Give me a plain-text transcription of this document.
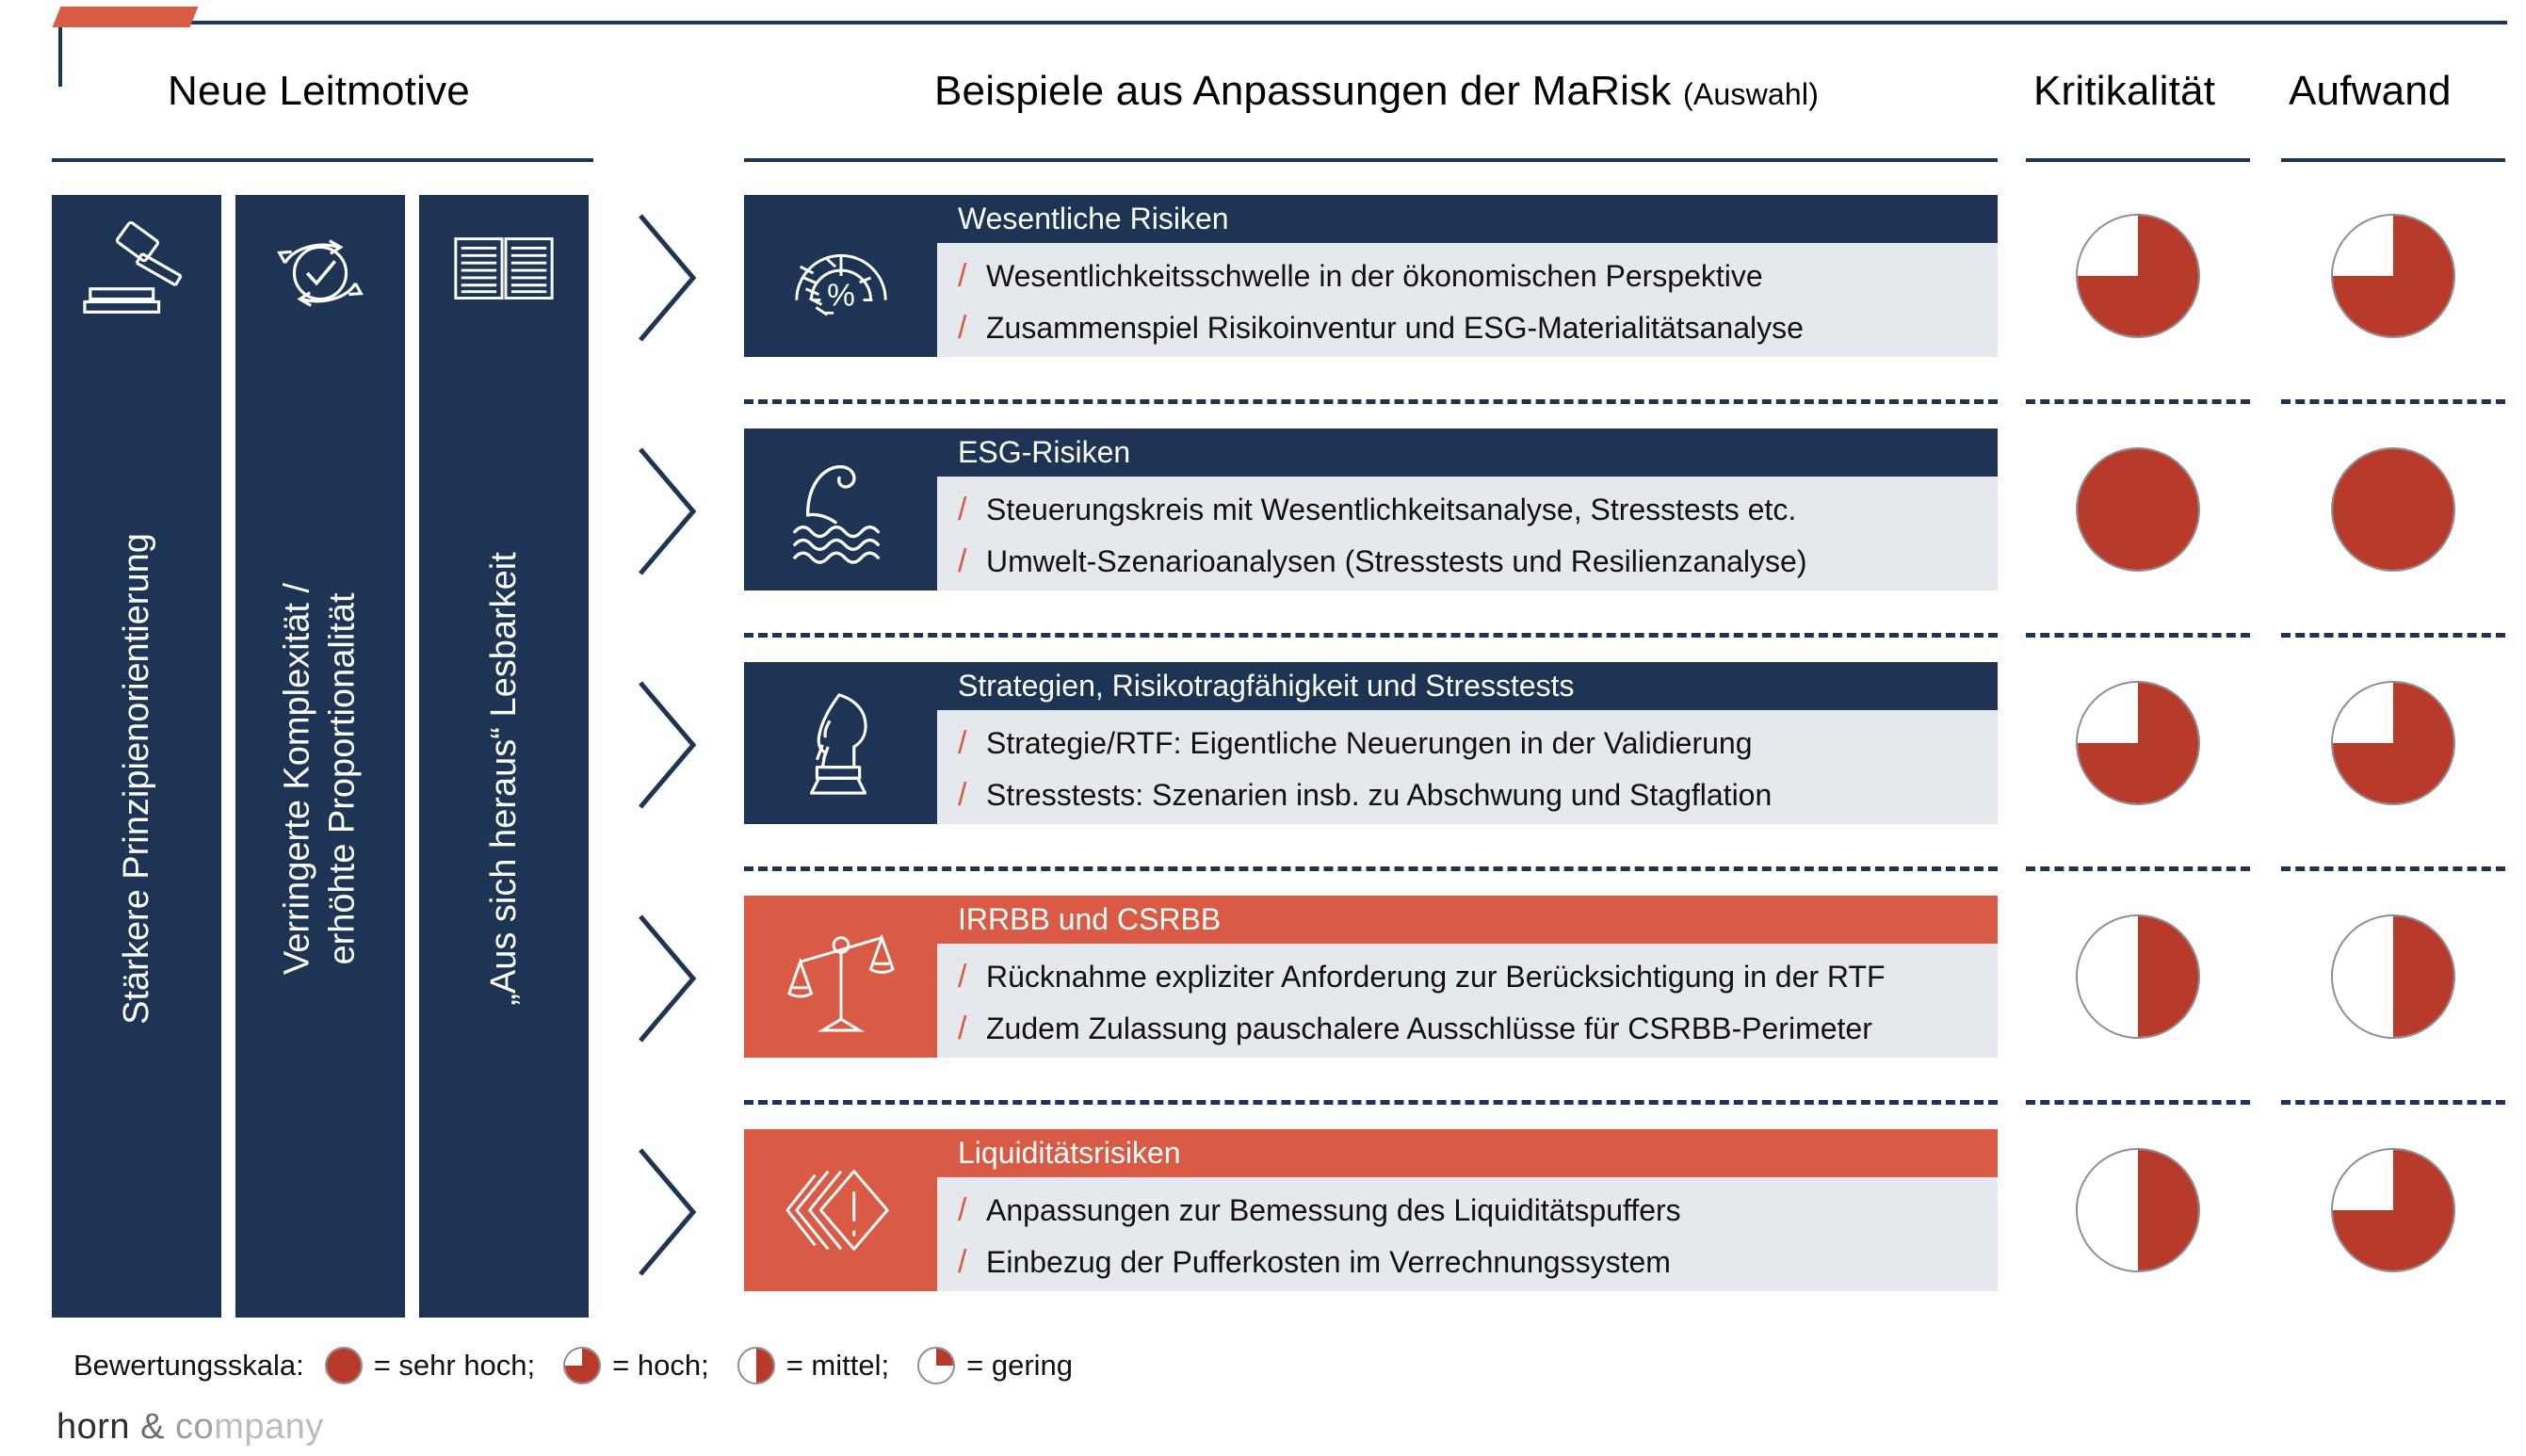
Neue Leitmotive	Beispiele aus Anpassungen der MaRisk (Auswahl)	Kritikalität Aufwand
Stärkere Prinzipienorientierung	Verringerte Komplexität / erhöhte Proportionalität	„Aus sich heraus“ Lesbarkeit
%
Wesentliche Risiken
/ Wesentlichkeitsschwelle in der ökonomischen Perspektive
/ Zusammenspiel Risikoinventur und ESG-Materialitätsanalyse
ESG-Risiken
/ Steuerungskreis mit Wesentlichkeitsanalyse, Stresstests etc.
/ Umwelt-Szenarioanalysen (Stresstests und Resilienzanalyse)
Strategien, Risikotragfähigkeit und Stresstests
/ Strategie/RTF: Eigentliche Neuerungen in der Validierung
/ Stresstests: Szenarien insb. zu Abschwung und Stagflation
IRRBB und CSRBB
/ Rücknahme expliziter Anforderung zur Berücksichtigung in der RTF
/ Zudem Zulassung pauschalere Ausschlüsse für CSRBB-Perimeter
Liquiditätsrisiken
/ Anpassungen zur Bemessung des Liquiditätspuffers
/ Einbezug der Pufferkosten im Verrechnungssystem
Bewertungsskala: = sehr hoch;	= hoch;	= mittel;	= gering
horn & company
